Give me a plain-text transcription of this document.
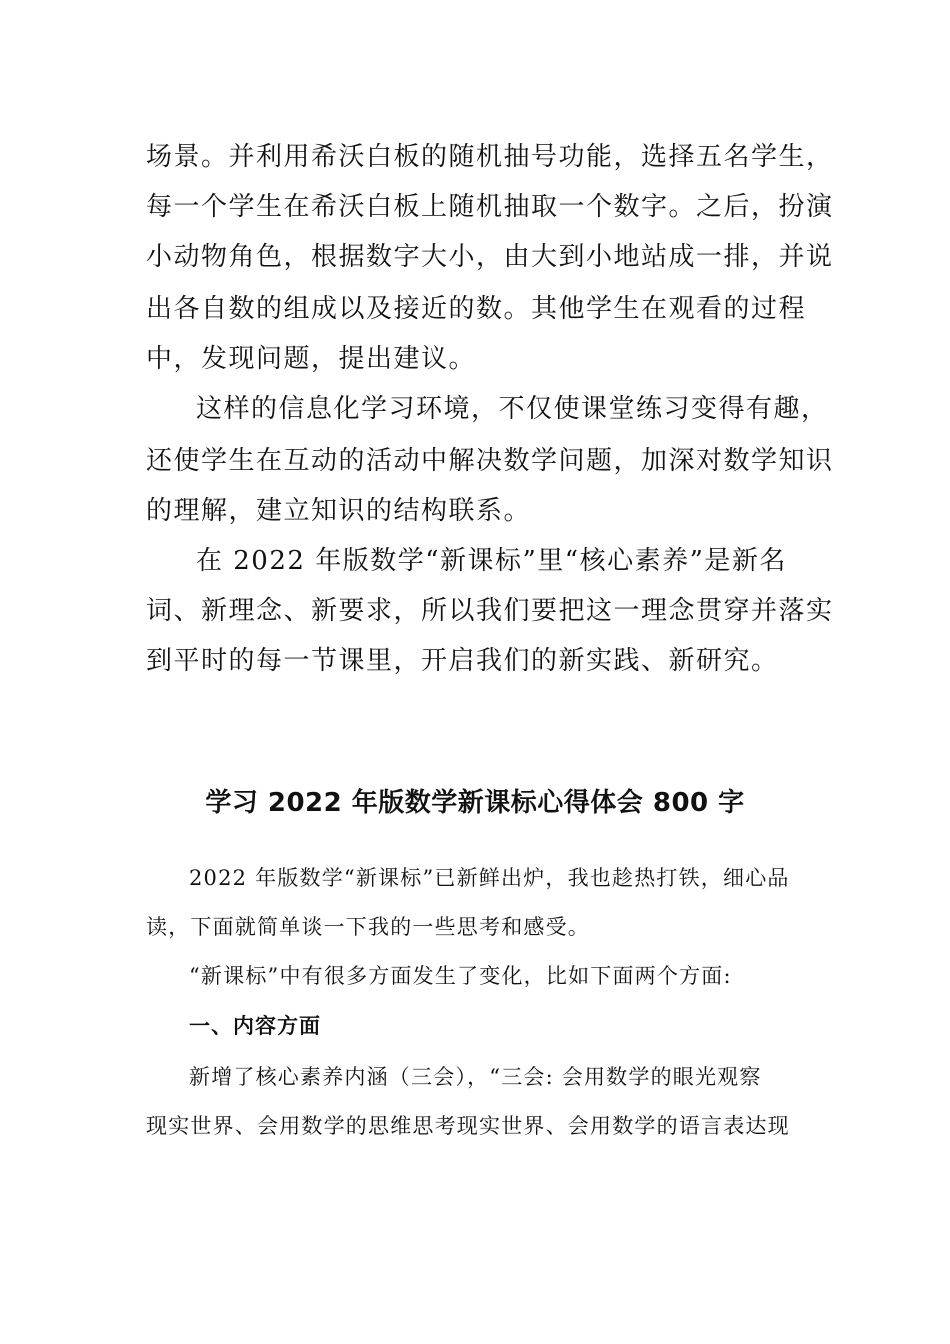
场景。并利用希沃白板的随机抽号功能，选择五名学生，
每一个学生在希沃白板上随机抽取一个数字。之后，扮演
小动物角色，根据数字大小，由大到小地站成一排，并说
出各自数的组成以及接近的数。其他学生在观看的过程
中，发现问题，提出建议。
这样的信息化学习环境，不仅使课堂练习变得有趣，
还使学生在互动的活动中解决数学问题，加深对数学知识
的理解，建立知识的结构联系。
在 2022 年版数学“新课标”里“核心素养”是新名
词、新理念、新要求，所以我们要把这一理念贯穿并落实
到平时的每一节课里，开启我们的新实践、新研究。
学习 2022 年版数学新课标心得体会 800 字
2022 年版数学“新课标”已新鲜出炉，我也趁热打铁，细心品
读，下面就简单谈一下我的一些思考和感受。
“新课标”中有很多方面发生了变化，比如下面两个方面:
一、内容方面
新增了核心素养内涵（三会），“三会: 会用数学的眼光观察
现实世界、会用数学的思维思考现实世界、会用数学的语言表达现
